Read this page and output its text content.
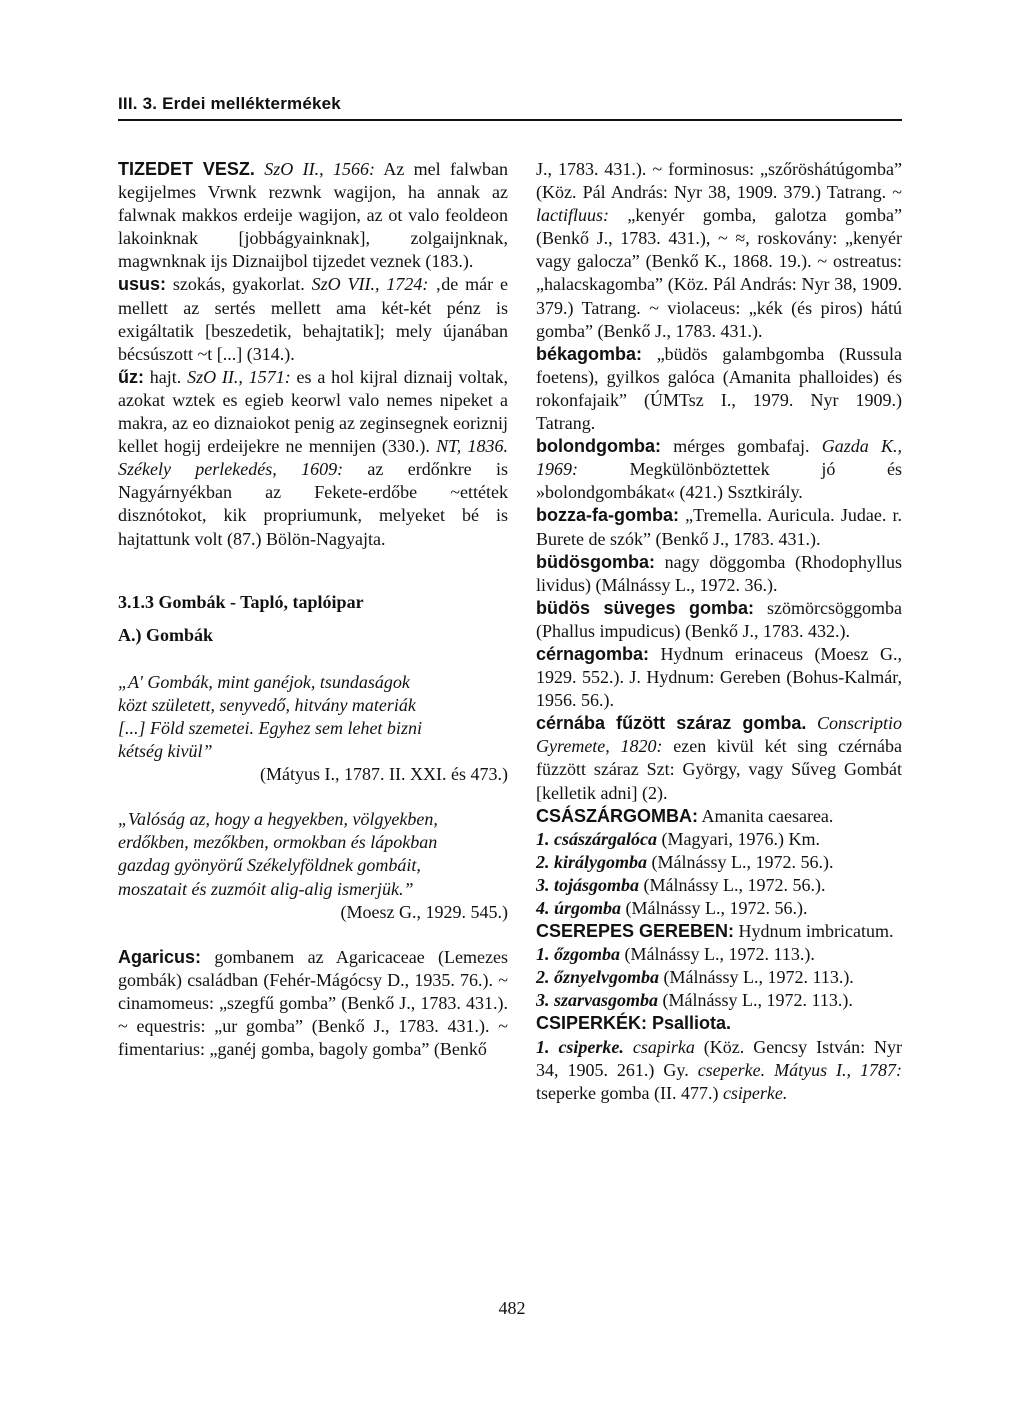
III. 3. Erdei melléktermékek

TIZEDET VESZ. SzO II., 1566: Az mel falwban kegijelmes Vrwnk rezwnk wagijon, ha annak az falwnak makkos erdeije wagijon, az ot valo feoldeon lakoinknak [jobbágyainknak], zolgaijnknak, magwnknak ijs Diznaijbol tijzedet veznek (183.).

usus: szokás, gyakorlat. SzO VII., 1724: ‚de már e mellett az sertés mellett ama két-két pénz is exigáltatik [beszedetik, behajtatik]; mely újanában bécsúszott ~t [...] (314.).

űz: hajt. SzO II., 1571: es a hol kijral diznaij voltak, azokat wztek es egieb keorwl valo nemes nipeket a makra, az eo diznaiokot penig az zeginsegnek eoriznij kellet hogij erdeijekre ne mennijen (330.). NT, 1836. Székely perlekedés, 1609: az erdőnkre is Nagyárnyékban az Fekete-erdőbe ~ettétek disznótokot, kik propriumunk, melyeket bé is hajtattunk volt (87.) Bölön-Nagyajta.

3.1.3 Gombák - Tapló, taplóipar

A.) Gombák

„A' Gombák, mint ganéjok, tsundaságok

közt született, senyvedő, hitvány materiák

[...] Föld szemetei. Egyhez sem lehet bizni

kétség kivül”

(Mátyus I., 1787. II. XXI. és 473.)

„Valóság az, hogy a hegyekben, völgyekben,

erdőkben, mezőkben, ormokban és lápokban

gazdag gyönyörű Székelyföldnek gombáit,

moszatait és zuzmóit alig-alig ismerjük.”

(Moesz G., 1929. 545.)

Agaricus: gombanem az Agaricaceae (Lemezes gombák) családban (Fehér-Mágócsy D., 1935. 76.). ~ cinamomeus: „szegfű gomba” (Benkő J., 1783. 431.). ~ equestris: „ur gomba” (Benkő J., 1783. 431.). ~ fimentarius: „ganéj gomba, bagoly gomba” (Benkő

J., 1783. 431.). ~ forminosus: „szőröshátúgomba” (Köz. Pál András: Nyr 38, 1909. 379.) Tatrang. ~ lactifluus: „kenyér gomba, galotza gomba” (Benkő J., 1783. 431.), ~ ≈, roskovány: „kenyér vagy galocza” (Benkő K., 1868. 19.). ~ ostreatus: „halacskagomba” (Köz. Pál András: Nyr 38, 1909. 379.) Tatrang. ~ violaceus: „kék (és piros) hátú gomba” (Benkő J., 1783. 431.).

békagomba: „büdös galambgomba (Russula foetens), gyilkos galóca (Amanita phalloides) és rokonfajaik” (ÚMTsz I., 1979. Nyr 1909.) Tatrang.

bolondgomba: mérges gombafaj. Gazda K., 1969: Megkülönböztettek jó és »bolondgombákat« (421.) Ssztkirály.

bozza-fa-gomba: „Tremella. Auricula. Judae. r. Burete de szók” (Benkő J., 1783. 431.).

büdösgomba: nagy döggomba (Rhodophyllus lividus) (Málnássy L., 1972. 36.).

büdös süveges gomba: szömörcsöggomba (Phallus impudicus) (Benkő J., 1783. 432.).

cérnagomba: Hydnum erinaceus (Moesz G., 1929. 552.). J. Hydnum: Gereben (Bohus-Kalmár, 1956. 56.).

cérnába fűzött száraz gomba. Conscriptio Gyremete, 1820: ezen kivül két sing czérnába füzzött száraz Szt: György, vagy Sűveg Gombát [kelletik adni] (2).

CSÁSZÁRGOMBA: Amanita caesarea.

1. császárgalóca (Magyari, 1976.) Km.

2. királygomba (Málnássy L., 1972. 56.).

3. tojásgomba (Málnássy L., 1972. 56.).

4. úrgomba (Málnássy L., 1972. 56.).

CSEREPES GEREBEN: Hydnum imbricatum.

1. őzgomba (Málnássy L., 1972. 113.).

2. őznyelvgomba (Málnássy L., 1972. 113.).

3. szarvasgomba (Málnássy L., 1972. 113.).

CSIPERKÉK: Psalliota.

1. csiperke. csapirka (Köz. Gencsy István: Nyr 34, 1905. 261.) Gy. cseperke. Mátyus I., 1787: tseperke gomba (II. 477.) csiperke.

482
